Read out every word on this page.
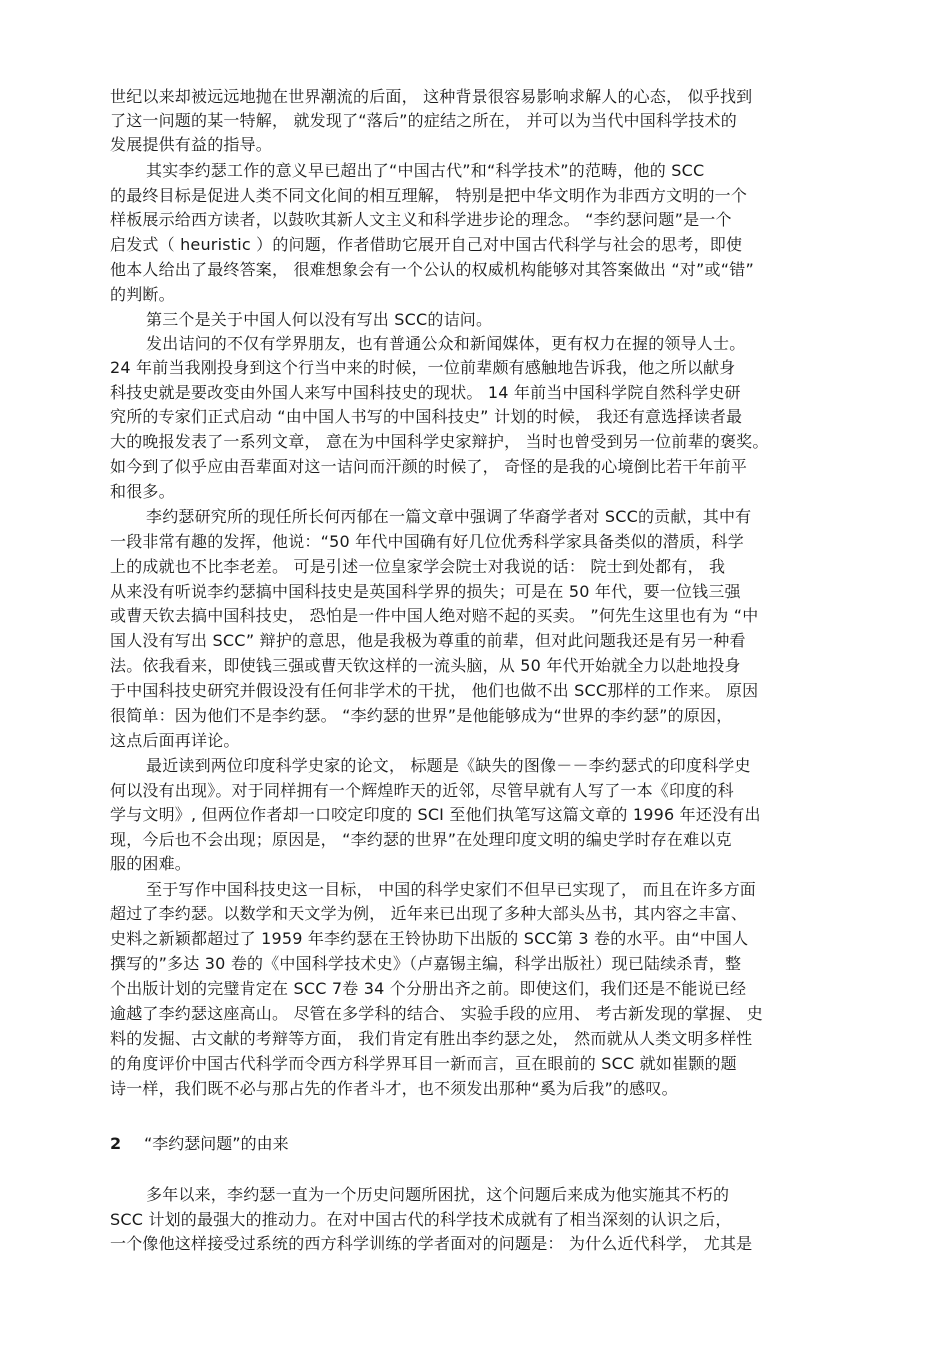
世纪以来却被远远地抛在世界潮流的后面， 这种背景很容易影响求解人的心态， 似乎找到
了这一问题的某一特解， 就发现了“落后”的症结之所在， 并可以为当代中国科学技术的
发展提供有益的指导。
其实李约瑟工作的意义早已超出了“中国古代”和“科学技术”的范畴，他的 SCC
的最终目标是促进人类不同文化间的相互理解， 特别是把中华文明作为非西方文明的一个
样板展示给西方读者，以鼓吹其新人文主义和科学进步论的理念。 “李约瑟问题”是一个
启发式（ heuristic ）的问题，作者借助它展开自己对中国古代科学与社会的思考，即使
他本人给出了最终答案， 很难想象会有一个公认的权威机构能够对其答案做出 “对”或“错”
的判断。
第三个是关于中国人何以没有写出 SCC的诘问。
发出诘问的不仅有学界朋友，也有普通公众和新闻媒体，更有权力在握的领导人士。
24 年前当我刚投身到这个行当中来的时候，一位前辈颇有感触地告诉我，他之所以献身
科技史就是要改变由外国人来写中国科技史的现状。 14 年前当中国科学院自然科学史研
究所的专家们正式启动 “由中国人书写的中国科技史” 计划的时候， 我还有意选择读者最
大的晚报发表了一系列文章， 意在为中国科学史家辩护， 当时也曾受到另一位前辈的褒奖。
如今到了似乎应由吾辈面对这一诘问而汗颜的时候了， 奇怪的是我的心境倒比若干年前平
和很多。
李约瑟研究所的现任所长何丙郁在一篇文章中强调了华裔学者对 SCC的贡献，其中有
一段非常有趣的发挥，他说：“50 年代中国确有好几位优秀科学家具备类似的潜质，科学
上的成就也不比李老差。 可是引述一位皇家学会院士对我说的话： 院士到处都有， 我
从来没有听说李约瑟搞中国科技史是英国科学界的损失；可是在 50 年代，要一位钱三强
或曹天钦去搞中国科技史， 恐怕是一件中国人绝对赔不起的买卖。 ”何先生这里也有为 “中
国人没有写出 SCC” 辩护的意思，他是我极为尊重的前辈，但对此问题我还是有另一种看
法。依我看来，即使钱三强或曹天钦这样的一流头脑，从 50 年代开始就全力以赴地投身
于中国科技史研究并假设没有任何非学术的干扰， 他们也做不出 SCC那样的工作来。 原因
很简单：因为他们不是李约瑟。 “李约瑟的世界”是他能够成为“世界的李约瑟”的原因，
这点后面再详论。
最近读到两位印度科学史家的论文， 标题是《缺失的图像－－李约瑟式的印度科学史
何以没有出现》。对于同样拥有一个辉煌昨天的近邻，尽管早就有人写了一本《印度的科
学与文明》, 但两位作者却一口咬定印度的 SCI 至他们执笔写这篇文章的 1996 年还没有出
现，今后也不会出现；原因是， “李约瑟的世界”在处理印度文明的编史学时存在难以克
服的困难。
至于写作中国科技史这一目标， 中国的科学史家们不但早已实现了， 而且在许多方面
超过了李约瑟。以数学和天文学为例， 近年来已出现了多种大部头丛书，其内容之丰富、
史料之新颖都超过了 1959 年李约瑟在王铃协助下出版的 SCC第 3 卷的水平。由“中国人
撰写的”多达 30 卷的《中国科学技术史》（卢嘉锡主编，科学出版社）现已陆续杀青，整
个出版计划的完璧肯定在 SCC 7卷 34 个分册出齐之前。即使这们，我们还是不能说已经
逾越了李约瑟这座高山。 尽管在多学科的结合、 实验手段的应用、 考古新发现的掌握、 史
料的发掘、古文献的考辩等方面， 我们肯定有胜出李约瑟之处， 然而就从人类文明多样性
的角度评价中国古代科学而令西方科学界耳目一新而言，亘在眼前的 SCC 就如崔颢的题
诗一样，我们既不必与那占先的作者斗才，也不须发出那种“奚为后我”的感叹。
2 “李约瑟问题”的由来
多年以来，李约瑟一直为一个历史问题所困扰，这个问题后来成为他实施其不朽的
SCC 计划的最强大的推动力。在对中国古代的科学技术成就有了相当深刻的认识之后，
一个像他这样接受过系统的西方科学训练的学者面对的问题是： 为什么近代科学， 尤其是
